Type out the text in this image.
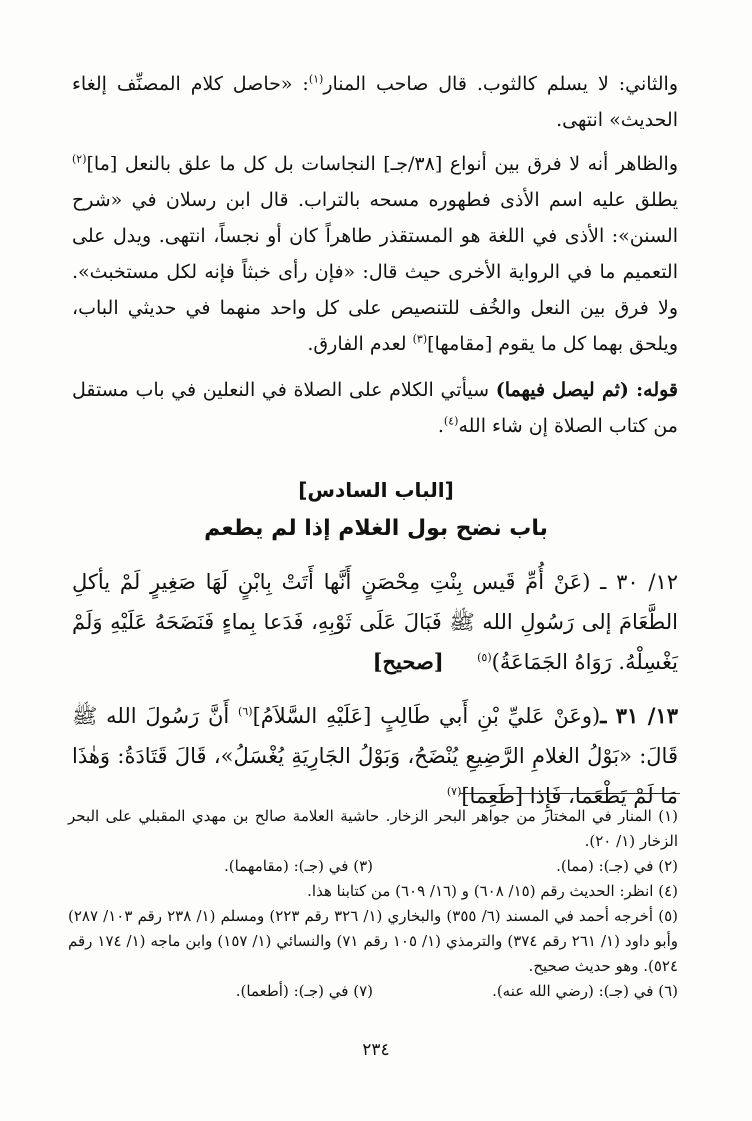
والثاني: لا يسلم كالثوب. قال صاحب المنار$^{(١)}$: «حاصل كلام المصنِّف إلغاء الحديث» انتهى.

والظاهر أنه لا فرق بين أنواع [٣٨/جـ] النجاسات بل كل ما علق بالنعل [ما]$^{(٢)}$ يطلق عليه اسم الأذى فطهوره مسحه بالتراب. قال ابن رسلان في «شرح السنن»: الأذى في اللغة هو المستقذر طاهراً كان أو نجساً، انتهى. ويدل على التعميم ما في الرواية الأخرى حيث قال: «فإن رأى خبثاً فإنه لكل مستخبث». ولا فرق بين النعل والخُف للتنصيص على كل واحد منهما في حديثي الباب، ويلحق بهما كل ما يقوم [مقامها]$^{(٣)}$ لعدم الفارق.

قوله: (ثم ليصل فيهما) سيأتي الكلام على الصلاة في النعلين في باب مستقل من كتاب الصلاة إن شاء الله$^{(٤)}$.

[الباب السادس]
باب نضح بول الغلام إذا لم يطعم
١٢/ ٣٠ ـ (عَنْ أُمِّ قَيس بِنْتِ مِحْصَنٍ أَنَّها أَتَتْ بِابْنٍ لَهَا صَغِيرٍ لَمْ يأكلِ الطَّعَامَ إلى رَسُولِ الله ﷺ فَبَالَ عَلَى ثَوْبِهِ، فَدَعا بِماءٍ فَنَضَحَهُ عَلَيْهِ وَلَمْ يَغْسِلْهُ. رَوَاهُ الجَمَاعَةُ)$^{(٥)}$     [صحيح]
١٣/ ٣١ ـ(وعَنْ عَليِّ بْنِ أَبي طَالِبٍ [عَلَيْهِ السَّلاَمُ]$^{(٦)}$ أَنَّ رَسُولَ الله ﷺ قَالَ: «بَوْلُ الغلامِ الرَّضِيعِ يُنْضَحُ، وَبَوْلُ الجَارِيَةِ يُغْسَلُ»، قَالَ قَتَادَةُ: وَهٰذَا مَا لَمْ يَطْعَما، فَإِذا [طَعِما]$^{(٧)}$
(١) المنار في المختار من جواهر البحر الزخار. حاشية العلامة صالح بن مهدي المقبلي على البحر الزخار (١/ ٢٠).
(٢) في (جـ): (مما).
(٣) في (جـ): (مقامهما).
(٤) انظر: الحديث رقم (١٥/ ٦٠٨) و (١٦/ ٦٠٩) من كتابنا هذا.
(٥) أخرجه أحمد في المسند (٦/ ٣٥٥) والبخاري (١/ ٣٢٦ رقم ٢٢٣) ومسلم (١/ ٢٣٨ رقم ١٠٣/ ٢٨٧) وأبو داود (١/ ٢٦١ رقم ٣٧٤) والترمذي (١/ ١٠٥ رقم ٧١) والنسائي (١/ ١٥٧) وابن ماجه (١/ ١٧٤ رقم ٥٢٤). وهو حديث صحيح.
(٦) في (جـ): (رضي الله عنه).
(٧) في (جـ): (أطعما).
٢٣٤
